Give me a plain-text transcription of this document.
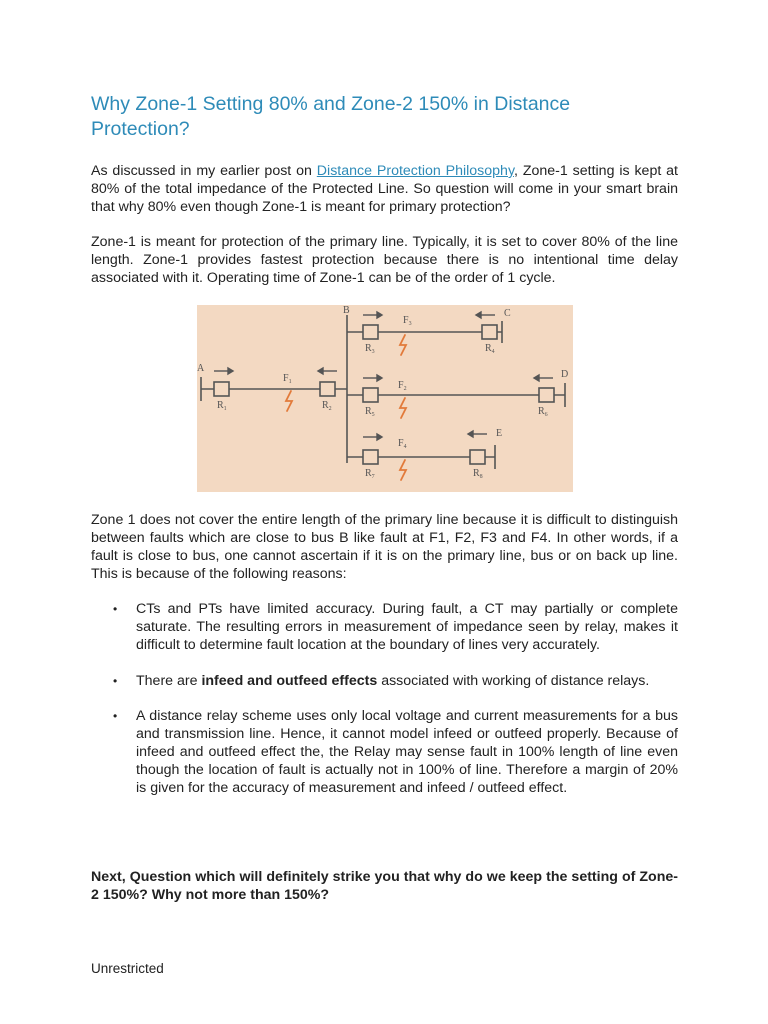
Why Zone-1 Setting 80% and Zone-2 150% in Distance Protection?

As discussed in my earlier post on Distance Protection Philosophy, Zone-1 setting is kept at 80% of the total impedance of the Protected Line. So question will come in your smart brain that why 80% even though Zone-1 is meant for primary protection?

Zone-1 is meant for protection of the primary line. Typically, it is set to cover 80% of the line length. Zone-1 provides fastest protection because there is no intentional time delay associated with it. Operating time of Zone-1 can be of the order of 1 cycle.

A
B	C
D
E
$F_1$	$F_2$
$F_3$
$F_4$
$R_1$	$R_2$
$R_3$	$R_4$
$R_5$	$R_6$
$R_7$	$R_8$

Zone 1 does not cover the entire length of the primary line because it is difficult to distinguish between faults which are close to bus B like fault at F1, F2, F3 and F4. In other words, if a fault is close to bus, one cannot ascertain if it is on the primary line, bus or on back up line. This is because of the following reasons:

• CTs and PTs have limited accuracy. During fault, a CT may partially or complete saturate. The resulting errors in measurement of impedance seen by relay, makes it difficult to determine fault location at the boundary of lines very accurately.
• There are infeed and outfeed effects associated with working of distance relays.
• A distance relay scheme uses only local voltage and current measurements for a bus and transmission line. Hence, it cannot model infeed or outfeed properly. Because of infeed and outfeed effect the, the Relay may sense fault in 100% length of line even though the location of fault is actually not in 100% of line. Therefore a margin of 20% is given for the accuracy of measurement and infeed / outfeed effect.

Next, Question which will definitely strike you that why do we keep the setting of Zone-2 150%? Why not more than 150%?

Unrestricted
